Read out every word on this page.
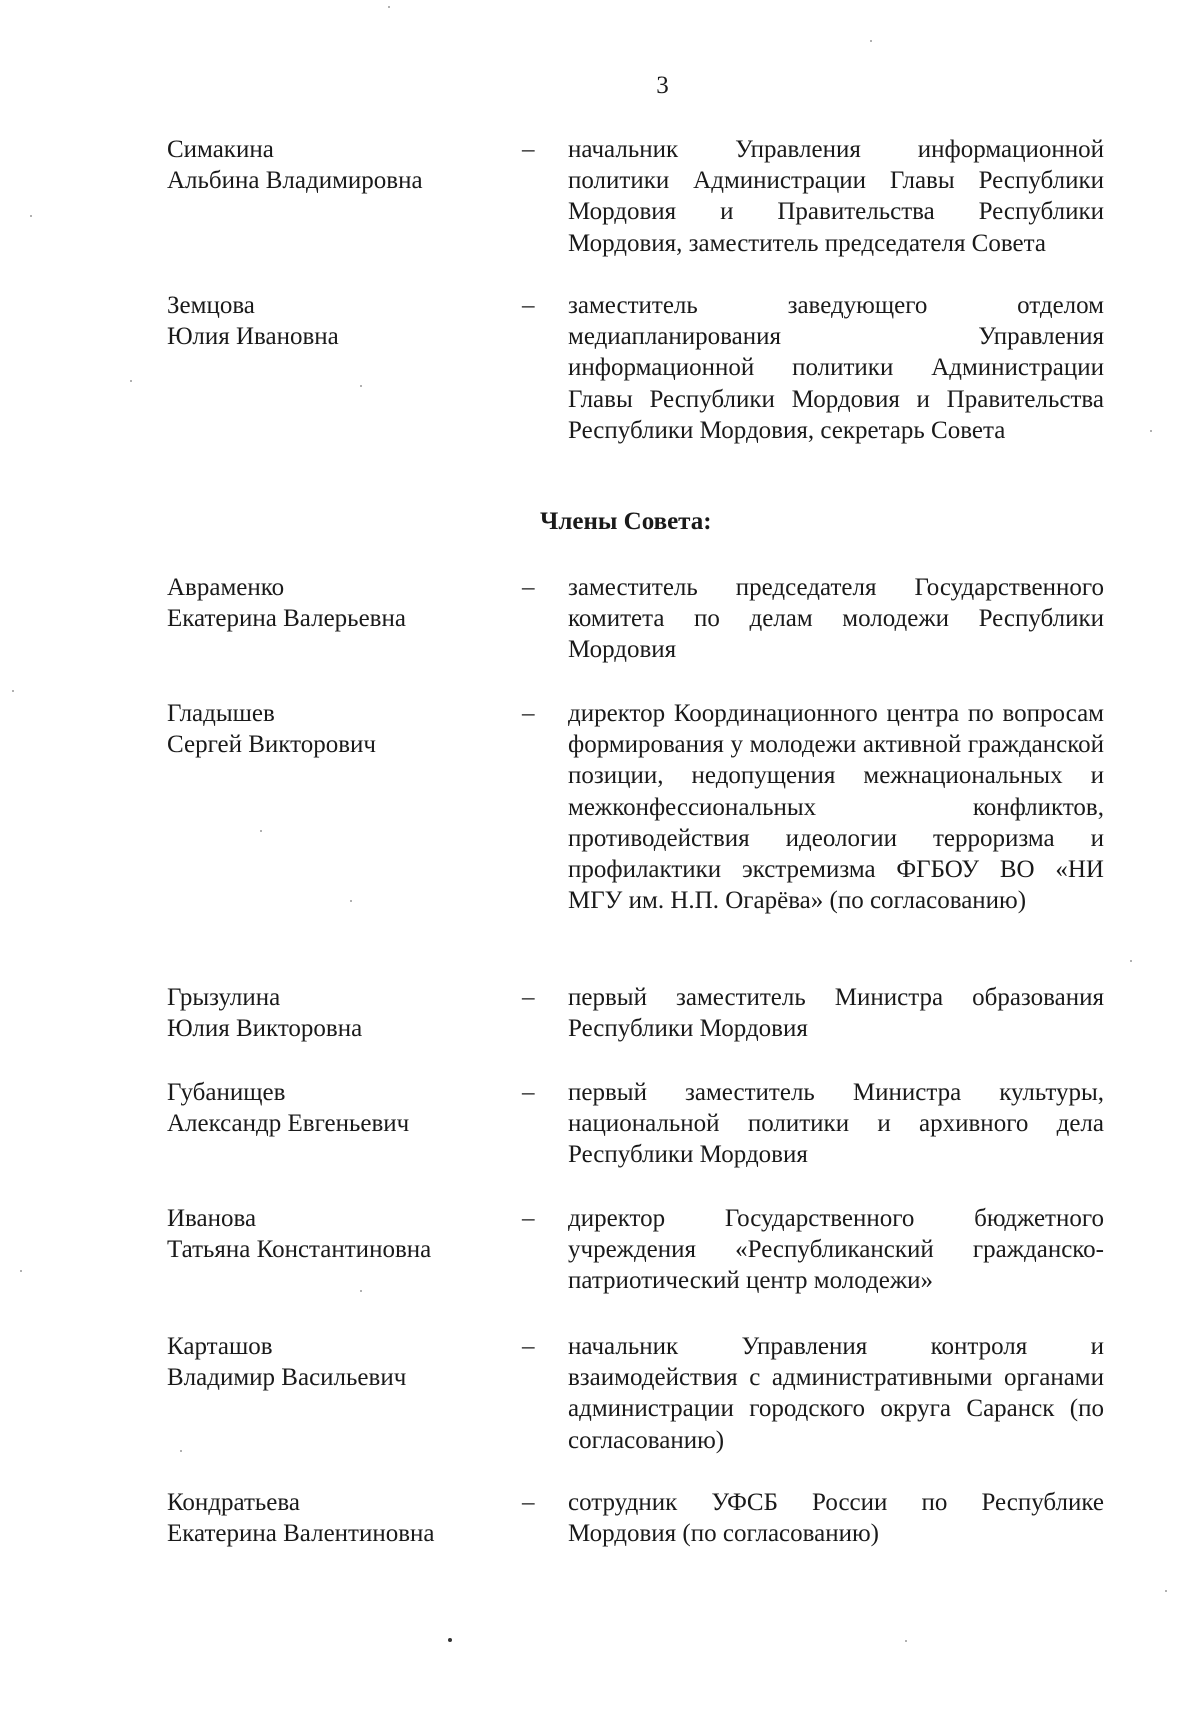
3
Симакина
Альбина Владимировна
– начальник Управления информационной политики Администрации Главы Республики Мордовия и Правительства Республики Мордовия, заместитель председателя Совета
Земцова
Юлия Ивановна
– заместитель заведующего отделом медиапланирования Управления информационной политики Администрации Главы Республики Мордовия и Правительства Республики Мордовия, секретарь Совета
Члены Совета:
Авраменко
Екатерина Валерьевна
– заместитель председателя Государственного комитета по делам молодежи Республики Мордовия
Гладышев
Сергей Викторович
– директор Координационного центра по вопросам формирования у молодежи активной гражданской позиции, недопущения межнациональных и межконфессиональных конфликтов, противодействия идеологии терроризма и профилактики экстремизма ФГБОУ ВО «НИ МГУ им. Н.П. Огарёва» (по согласованию)
Грызулина
Юлия Викторовна
– первый заместитель Министра образования Республики Мордовия
Губанищев
Александр Евгеньевич
– первый заместитель Министра культуры, национальной политики и архивного дела Республики Мордовия
Иванова
Татьяна Константиновна
– директор Государственного бюджетного учреждения «Республиканский гражданско-патриотический центр молодежи»
Карташов
Владимир Васильевич
– начальник Управления контроля и взаимодействия с административными органами администрации городского округа Саранск (по согласованию)
Кондратьева
Екатерина Валентиновна
– сотрудник УФСБ России по Республике Мордовия (по согласованию)
